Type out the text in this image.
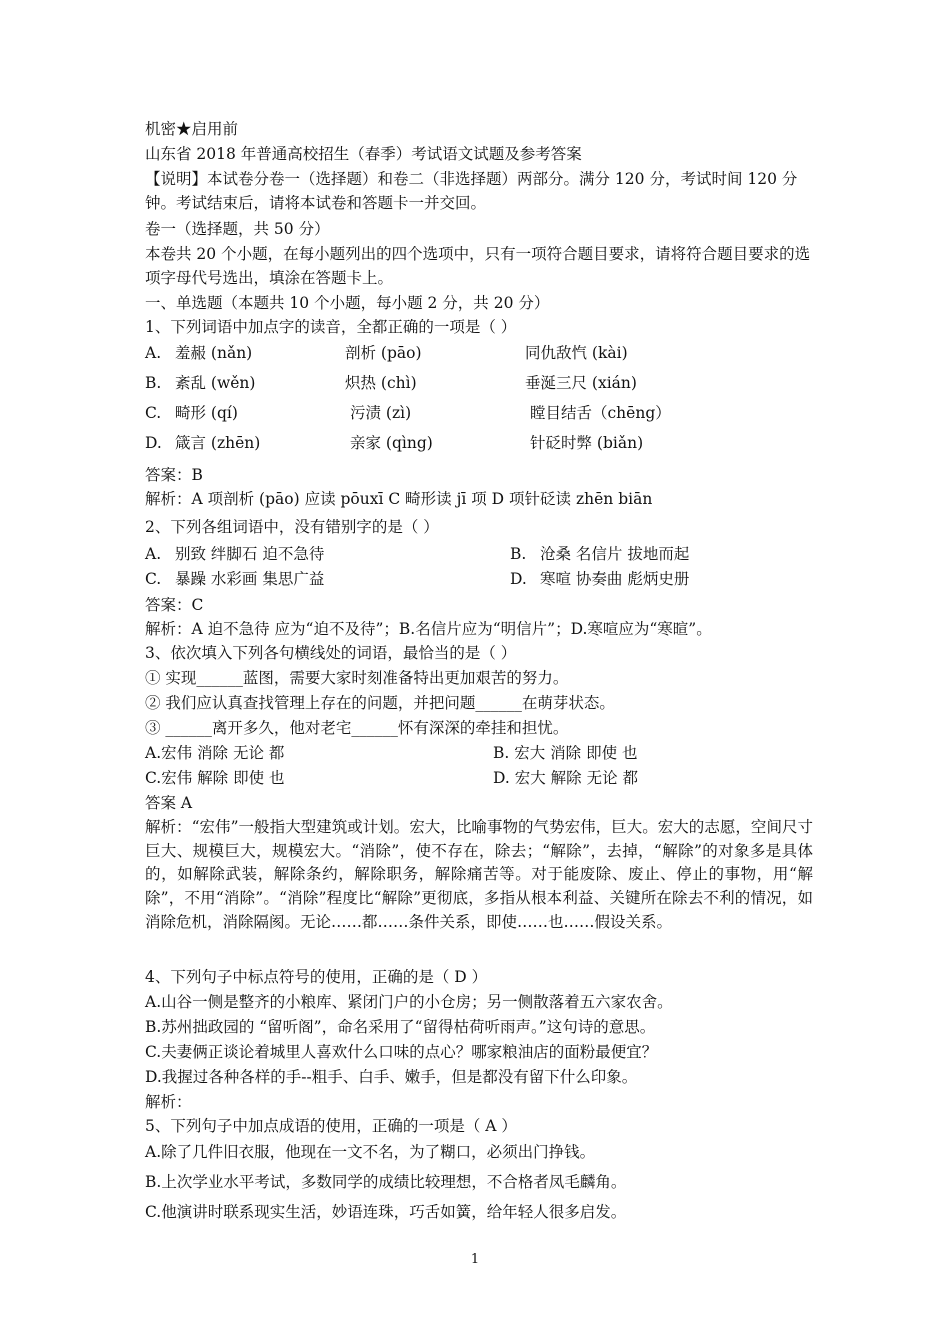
机密★启用前
山东省 2018 年普通高校招生（春季）考试语文试题及参考答案
【说明】本试卷分卷一（选择题）和卷二（非选择题）两部分。满分 120 分，考试时间 120 分钟。考试结束后，请将本试卷和答题卡一并交回。
卷一（选择题，共 50 分）
本卷共 20 个小题，在每小题列出的四个选项中，只有一项符合题目要求，请将符合题目要求的选项字母代号选出，填涂在答题卡上。
一、单选题（本题共 10 个小题，每小题 2 分，共 20 分）
1、下列词语中加点字的读音，全都正确的一项是（ ）
A. 羞赧 (nǎn)	剖析 (pāo)	同仇敌忾 (kài)
B. 紊乱 (wěn)	炽热 (chì)	垂涎三尺 (xián)
C. 畸形 (qí)	污渍 (zì)	瞠目结舌（chēng）
D. 箴言 (zhēn)	亲家 (qìng)	针砭时弊 (biǎn)
答案：B
解析：A 项剖析 (pāo) 应读 pōuxī C 畸形读 jī 项 D 项针砭读 zhēn biān
2、下列各组词语中，没有错别字的是（ ）
A. 别致 绊脚石 迫不急待	B. 沧桑 名信片 拔地而起
C. 暴躁 水彩画 集思广益	D. 寒喧 协奏曲 彪炳史册
答案：C
解析：A 迫不急待 应为“迫不及待”；B.名信片应为“明信片”；D.寒喧应为“寒暄”。
3、依次填入下列各句横线处的词语，最恰当的是（ ）
① 实现______蓝图，需要大家时刻准备特出更加艰苦的努力。
② 我们应认真查找管理上存在的问题，并把问题______在萌芽状态。
③ ______离开多久，他对老宅______怀有深深的牵挂和担忧。
A.宏伟 消除 无论 都	B. 宏大 消除 即使 也
C.宏伟 解除 即使 也	D. 宏大 解除 无论 都
答案 A
解析：“宏伟”一般指大型建筑或计划。宏大，比喻事物的气势宏伟，巨大。宏大的志愿，空间尺寸巨大、规模巨大，规模宏大。“消除”，使不存在，除去；“解除”，去掉，“解除”的对象多是具体的，如解除武装，解除条约，解除职务，解除痛苦等。对于能废除、废止、停止的事物，用“解除”，不用“消除”。“消除”程度比“解除”更彻底，多指从根本利益、关键所在除去不利的情况，如消除危机，消除隔阂。无论……都……条件关系，即使……也……假设关系。
4、下列句子中标点符号的使用，正确的是（ D ）
A.山谷一侧是整齐的小粮库、紧闭门户的小仓房；另一侧散落着五六家农舍。
B.苏州拙政园的 “留听阁”，命名采用了“留得枯荷听雨声。”这句诗的意思。
C.夫妻俩正谈论着城里人喜欢什么口味的点心？哪家粮油店的面粉最便宜？
D.我握过各种各样的手--粗手、白手、嫩手，但是都没有留下什么印象。
解析：
5、下列句子中加点成语的使用，正确的一项是（ A ）
A.除了几件旧衣服，他现在一文不名，为了糊口，必须出门挣钱。
B.上次学业水平考试，多数同学的成绩比较理想，不合格者凤毛麟角。
C.他演讲时联系现实生活，妙语连珠，巧舌如簧，给年轻人很多启发。
1
